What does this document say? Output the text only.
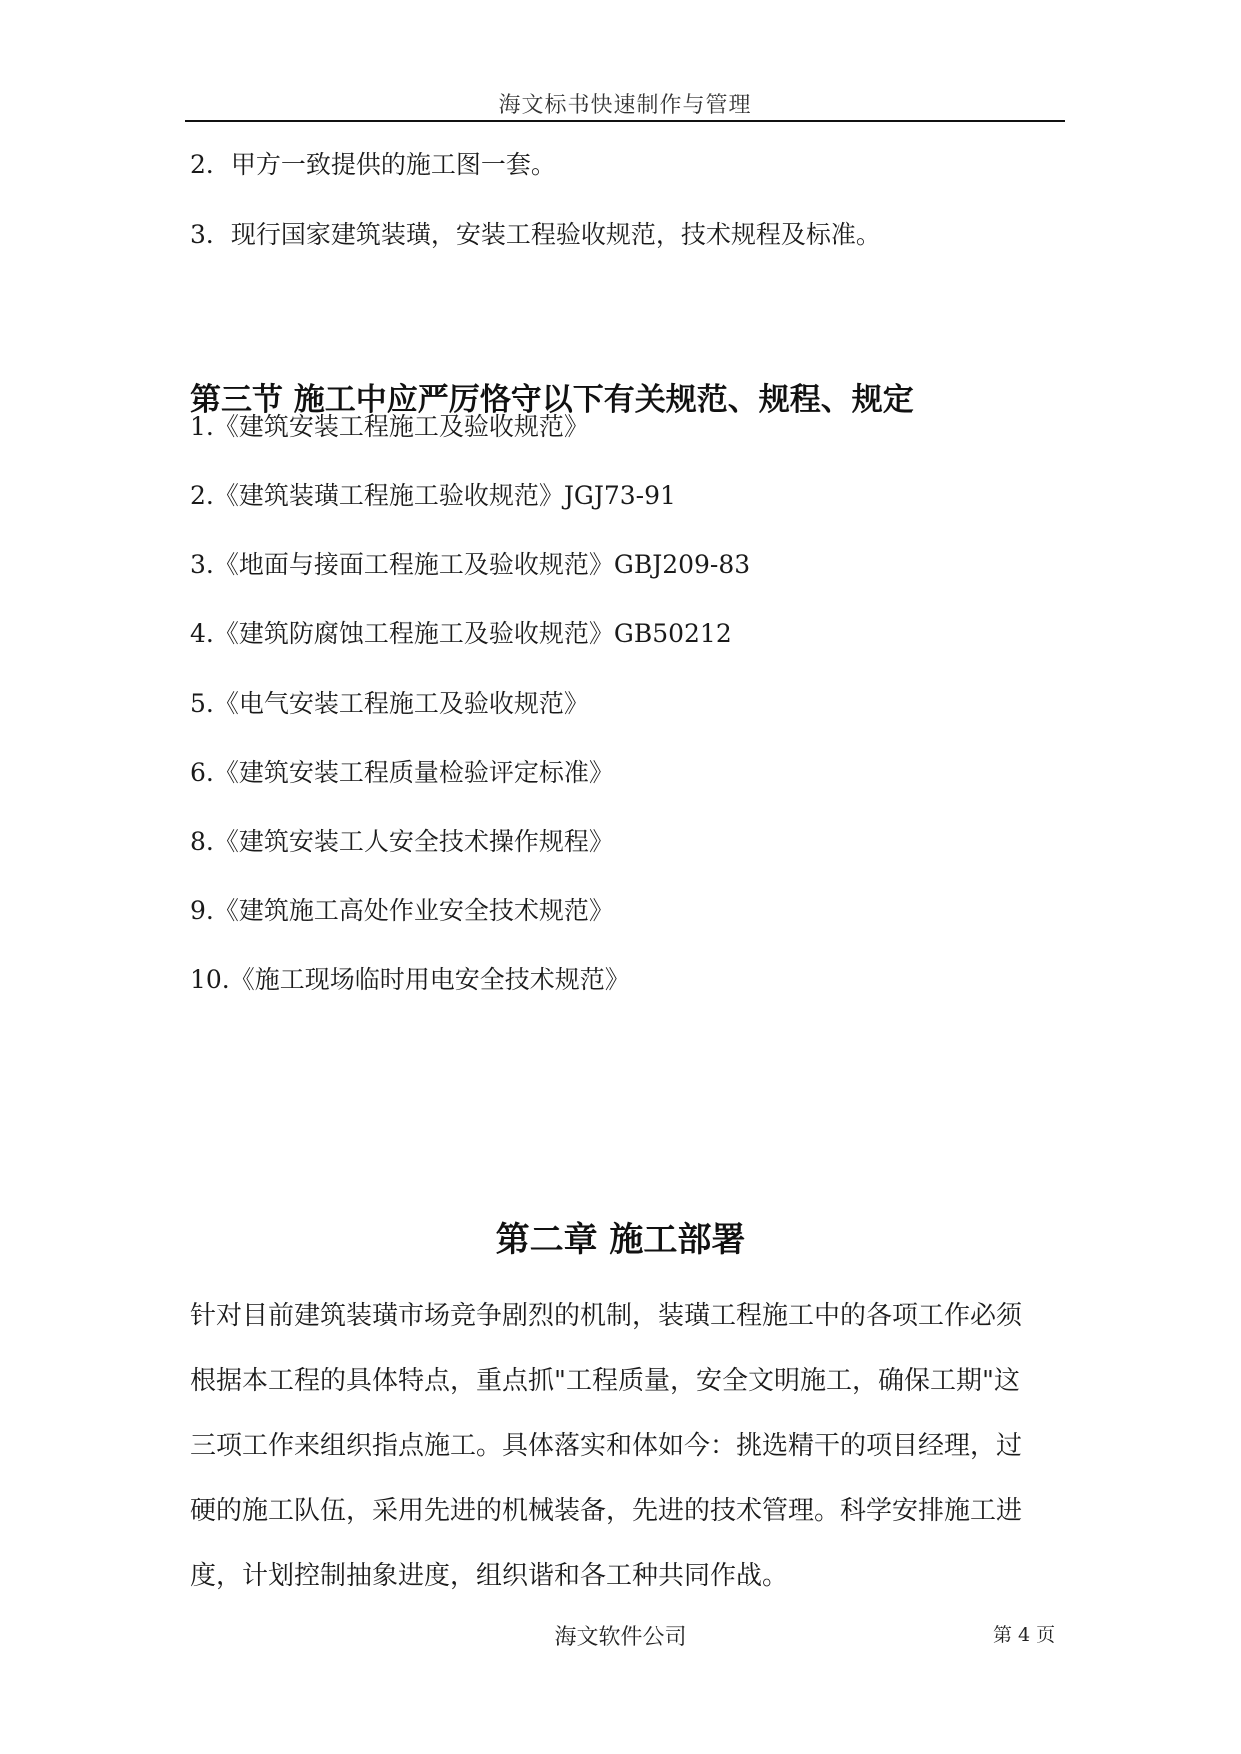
海文标书快速制作与管理
2．甲方一致提供的施工图一套。
3．现行国家建筑装璜，安装工程验收规范，技术规程及标准。
第三节 施工中应严厉恪守以下有关规范、规程、规定
1.《建筑安装工程施工及验收规范》
2.《建筑装璜工程施工验收规范》JGJ73-91
3.《地面与接面工程施工及验收规范》GBJ209-83
4.《建筑防腐蚀工程施工及验收规范》GB50212
5.《电气安装工程施工及验收规范》
6.《建筑安装工程质量检验评定标准》
8.《建筑安装工人安全技术操作规程》
9.《建筑施工高处作业安全技术规范》
10.《施工现场临时用电安全技术规范》
第二章 施工部署
针对目前建筑装璜市场竞争剧烈的机制，装璜工程施工中的各项工作必须
根据本工程的具体特点，重点抓"工程质量，安全文明施工，确保工期"这
三项工作来组织指点施工。具体落实和体如今：挑选精干的项目经理，过
硬的施工队伍，采用先进的机械装备，先进的技术管理。科学安排施工进
度，计划控制抽象进度，组织谐和各工种共同作战。
海文软件公司	第 4 页
